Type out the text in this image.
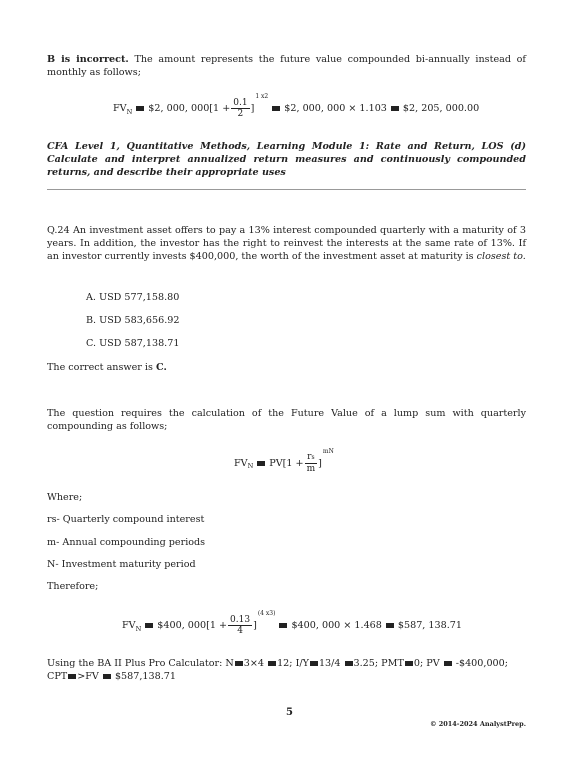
B is incorrect. The amount represents the future value compounded bi-annually instead of monthly as follows;

FV N $2, 000, $000[1 + \frac{0.1}{2}$ ]
1 x2
$2, 000, 000 × 1.103 $2, 205, 000.00

CFA Level 1, Quantitative Methods, Learning Module 1: Rate and Return, LOS (d) Calculate and interpret annualized return measures and continuously compounded returns, and describe their appropriate uses

Q.24 An investment asset offers to pay a 13% interest compounded quarterly with a maturity of 3 years. In addition, the investor has the right to reinvest the interests at the same rate of 13%. If an investor currently invests $400,000, the worth of the investment asset at maturity is closest to.

A. USD 577,158.80
B. USD 583,656.92
C. USD 587,138.71

The correct answer is C.

The question requires the calculation of the Future Value of a lump sum with quarterly compounding as follows;

FV N $PV[1 + \frac{rs}{m}$ ]
mN

Where;

rs- Quarterly compound interest

m- Annual compounding periods

N- Investment maturity period

Therefore;

FV N $400, $000[1 + \frac{0.13}{4}$ ]
(4 x3)
$400, 000 × 1.468 $587, 138.71

Using the BA II Plus Pro Calculator: N 3×4 12; I/Y 13/4 3.25; PMT 0; PV  -$400,000;
CPT >FV  $587,138.71

5
© 2014-2024 AnalystPrep.
